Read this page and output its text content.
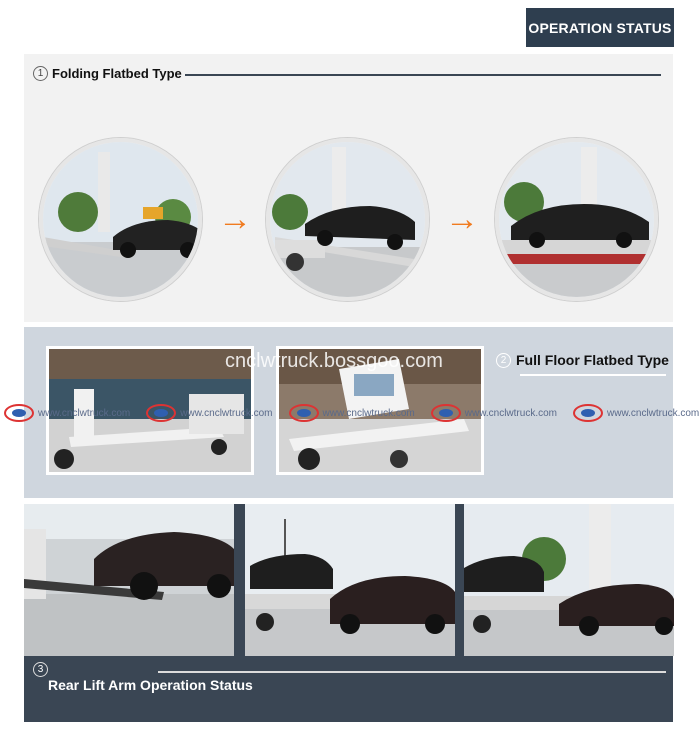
OPERATION STATUS
1 Folding Flatbed Type
→	→
cnclwtruck.bossgoo.com	2 Full Floor Flatbed Type
www.cnclwtruck.com	www.cnclwtruck.com	www.cnclwtruck.com	www.cnclwtruck.com	www.cnclwtruck.com
3
Rear Lift Arm Operation Status
